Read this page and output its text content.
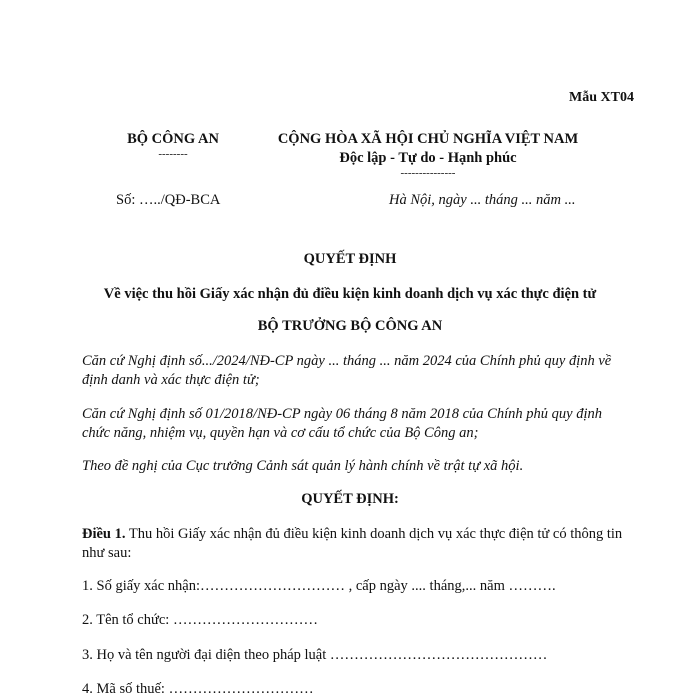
Mẫu XT04
BỘ CÔNG AN
--------
CỘNG HÒA XÃ HỘI CHỦ NGHĨA VIỆT NAM
Độc lập - Tự do - Hạnh phúc
---------------
Số: …../QĐ-BCA	Hà Nội, ngày ... tháng ... năm ...
QUYẾT ĐỊNH
Về việc thu hồi Giấy xác nhận đủ điều kiện kinh doanh dịch vụ xác thực điện tử
BỘ TRƯỞNG BỘ CÔNG AN
Căn cứ Nghị định số.../2024/NĐ-CP ngày ... tháng ... năm 2024 của Chính phủ quy định về định danh và xác thực điện tử;
Căn cứ Nghị định số 01/2018/NĐ-CP ngày 06 tháng 8 năm 2018 của Chính phủ quy định chức năng, nhiệm vụ, quyền hạn và cơ cấu tổ chức của Bộ Công an;
Theo đề nghị của Cục trưởng Cảnh sát quản lý hành chính về trật tự xã hội.
QUYẾT ĐỊNH:
Điều 1. Thu hồi Giấy xác nhận đủ điều kiện kinh doanh dịch vụ xác thực điện tử có thông tin như sau:
1. Số giấy xác nhận:………………………… , cấp ngày .... tháng,... năm ……….
2. Tên tổ chức: …………………………
3. Họ và tên người đại diện theo pháp luật ………………………………………
4. Mã số thuế: …………………………
